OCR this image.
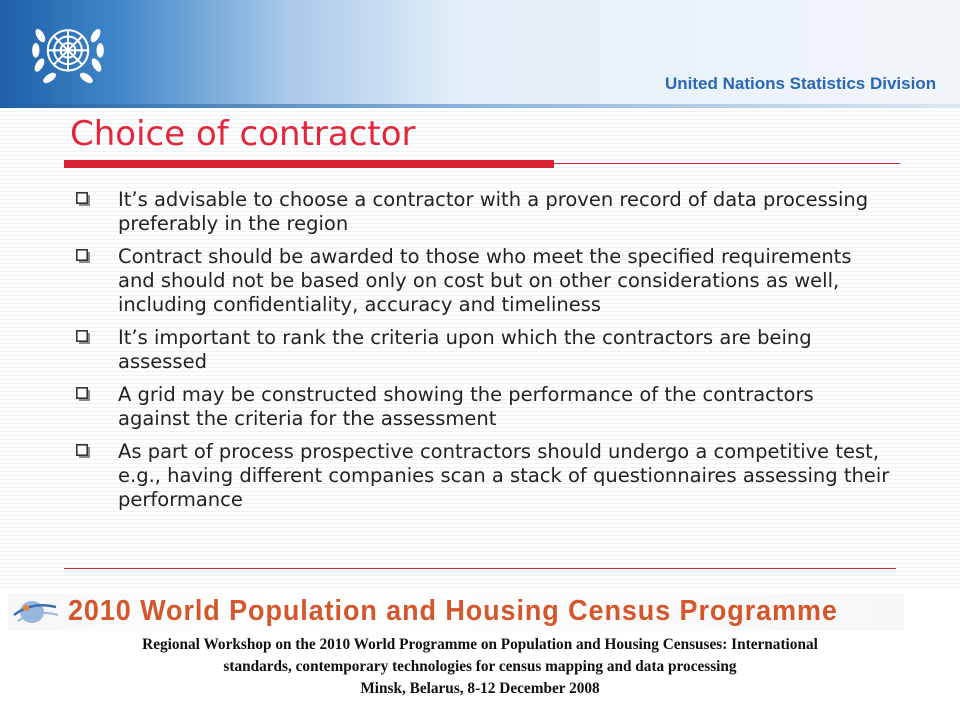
United Nations Statistics Division
Choice of contractor
It’s advisable to choose a contractor with a proven record of data processing preferably in the region
Contract should be awarded to those who meet the specified requirements and should not be based only on cost but on other considerations as well, including confidentiality, accuracy and timeliness
It’s important to rank the criteria upon which the contractors are being assessed
A grid may be constructed showing the performance of the contractors against the criteria for the assessment
As part of process prospective contractors should undergo a competitive test, e.g., having different companies scan a stack of questionnaires assessing their performance
2010 World Population and Housing Census Programme
Regional Workshop on the 2010 World Programme on Population and Housing Censuses: International
standards, contemporary technologies for census mapping and data processing
Minsk, Belarus, 8-12 December 2008
